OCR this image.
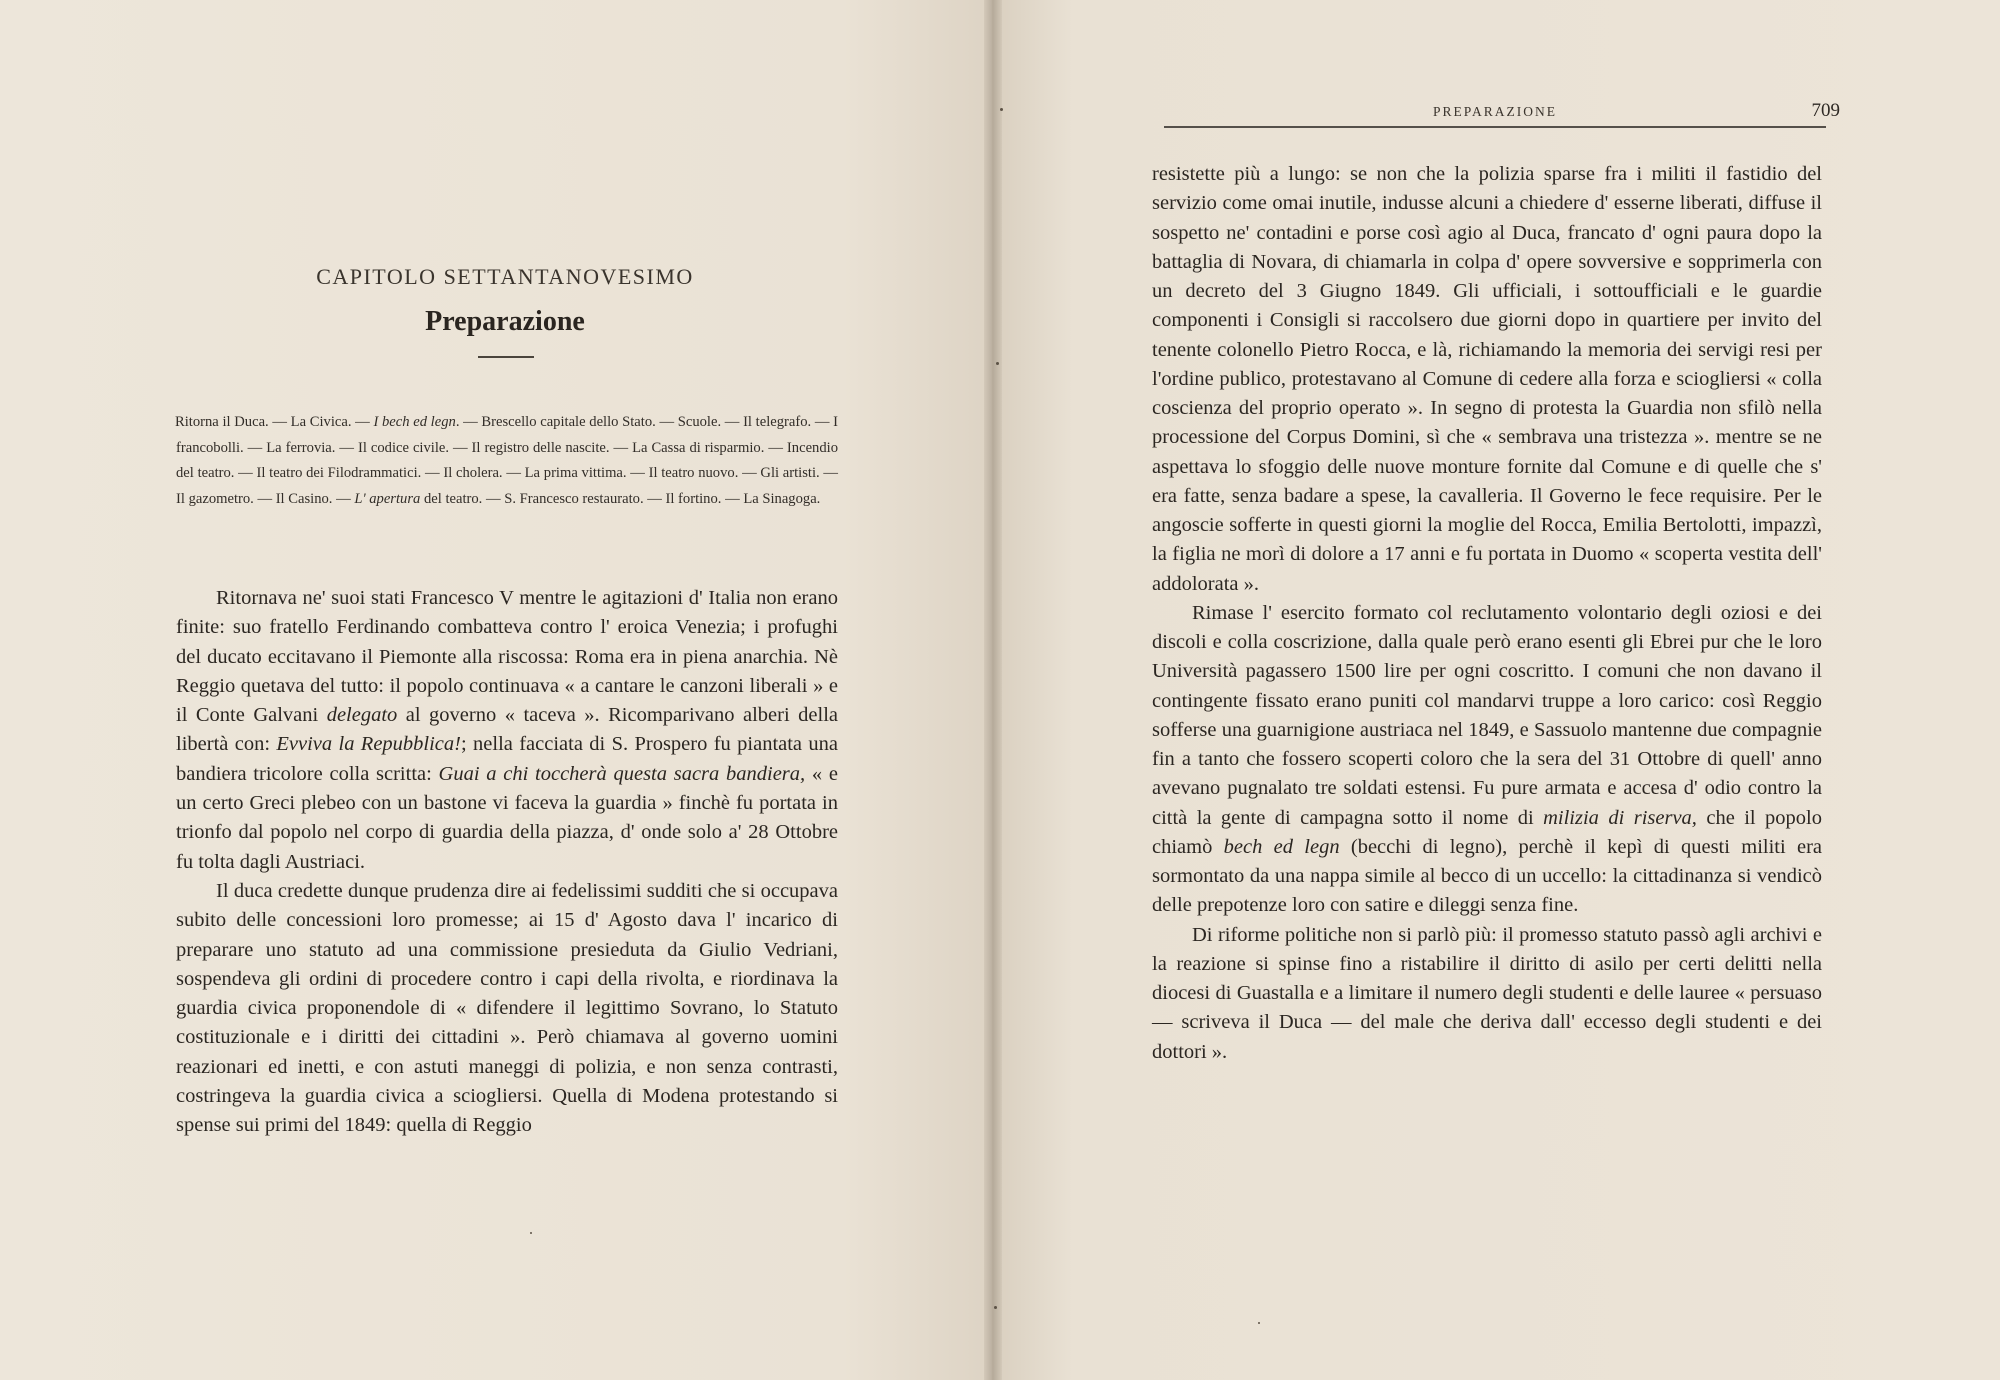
CAPITOLO SETTANTANOVESIMO
Preparazione

Ritorna il Duca. — La Civica. — I bech ed legn. — Brescello capitale dello Stato. — Scuole. — Il telegrafo. — I francobolli. — La ferrovia. — Il codice civile. — Il registro delle nascite. — La Cassa di risparmio. — Incendio del teatro. — Il teatro dei Filodrammatici. — Il cholera. — La prima vittima. — Il teatro nuovo. — Gli artisti. — Il gazometro. — Il Casino. — L' apertura del teatro. — S. Francesco restaurato. — Il fortino. — La Sinagoga.

Ritornava ne' suoi stati Francesco V mentre le agitazioni d' Italia non erano finite: suo fratello Ferdinando combatteva contro l' eroica Venezia; i profughi del ducato eccitavano il Piemonte alla riscossa: Roma era in piena anarchia. Nè Reggio quetava del tutto: il popolo continuava « a cantare le canzoni liberali » e il Conte Galvani delegato al governo « taceva ». Ricomparivano alberi della libertà con: Evviva la Repubblica!; nella facciata di S. Prospero fu piantata una bandiera tricolore colla scritta: Guai a chi toccherà questa sacra bandiera, « e un certo Greci plebeo con un bastone vi faceva la guardia » finchè fu portata in trionfo dal popolo nel corpo di guardia della piazza, d' onde solo a' 28 Ottobre fu tolta dagli Austriaci.

Il duca credette dunque prudenza dire ai fedelissimi sudditi che si occupava subito delle concessioni loro promesse; ai 15 d' Agosto dava l' incarico di preparare uno statuto ad una commissione presieduta da Giulio Vedriani, sospendeva gli ordini di procedere contro i capi della rivolta, e riordinava la guardia civica proponendole di « difendere il legittimo Sovrano, lo Statuto costituzionale e i diritti dei cittadini ». Però chiamava al governo uomini reazionari ed inetti, e con astuti maneggi di polizia, e non senza contrasti, costringeva la guardia civica a sciogliersi. Quella di Modena protestando si spense sui primi del 1849: quella di Reggio

PREPARAZIONE	709

resistette più a lungo: se non che la polizia sparse fra i militi il fastidio del servizio come omai inutile, indusse alcuni a chiedere d' esserne liberati, diffuse il sospetto ne' contadini e porse così agio al Duca, francato d' ogni paura dopo la battaglia di Novara, di chiamarla in colpa d' opere sovversive e sopprimerla con un decreto del 3 Giugno 1849. Gli ufficiali, i sottoufficiali e le guardie componenti i Consigli si raccolsero due giorni dopo in quartiere per invito del tenente colonello Pietro Rocca, e là, richiamando la memoria dei servigi resi per l'ordine publico, protestavano al Comune di cedere alla forza e sciogliersi « colla coscienza del proprio operato ». In segno di protesta la Guardia non sfilò nella processione del Corpus Domini, sì che « sembrava una tristezza ». mentre se ne aspettava lo sfoggio delle nuove monture fornite dal Comune e di quelle che s' era fatte, senza badare a spese, la cavalleria. Il Governo le fece requisire. Per le angoscie sofferte in questi giorni la moglie del Rocca, Emilia Bertolotti, impazzì, la figlia ne morì di dolore a 17 anni e fu portata in Duomo « scoperta vestita dell' addolorata ».

Rimase l' esercito formato col reclutamento volontario degli oziosi e dei discoli e colla coscrizione, dalla quale però erano esenti gli Ebrei pur che le loro Università pagassero 1500 lire per ogni coscritto. I comuni che non davano il contingente fissato erano puniti col mandarvi truppe a loro carico: così Reggio sofferse una guarnigione austriaca nel 1849, e Sassuolo mantenne due compagnie fin a tanto che fossero scoperti coloro che la sera del 31 Ottobre di quell' anno avevano pugnalato tre soldati estensi. Fu pure armata e accesa d' odio contro la città la gente di campagna sotto il nome di milizia di riserva, che il popolo chiamò bech ed legn (becchi di legno), perchè il kepì di questi militi era sormontato da una nappa simile al becco di un uccello: la cittadinanza si vendicò delle prepotenze loro con satire e dileggi senza fine.

Di riforme politiche non si parlò più: il promesso statuto passò agli archivi e la reazione si spinse fino a ristabilire il diritto di asilo per certi delitti nella diocesi di Guastalla e a limitare il numero degli studenti e delle lauree « persuaso — scriveva il Duca — del male che deriva dall' eccesso degli studenti e dei dottori ».
